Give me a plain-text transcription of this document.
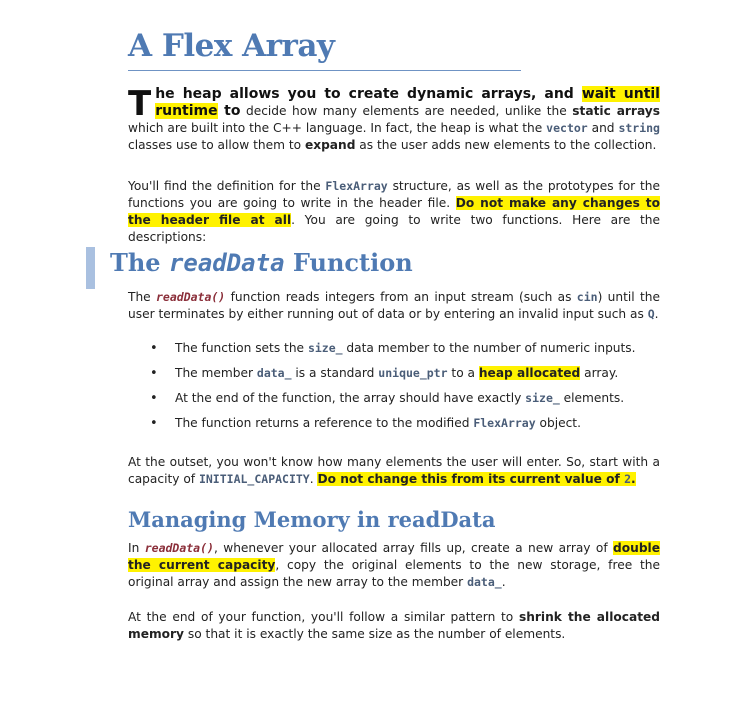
A Flex Array

T he heap allows you to create dynamic arrays, and wait until runtime to decide how many elements are needed, unlike the static arrays which are built into the C++ language. In fact, the heap is what the vector and string classes use to allow them to expand as the user adds new elements to the collection.

You'll find the definition for the FlexArray structure, as well as the prototypes for the functions you are going to write in the header file. Do not make any changes to the header file at all. You are going to write two functions. Here are the descriptions:

The readData Function

The readData() function reads integers from an input stream (such as cin) until the user terminates by either running out of data or by entering an invalid input such as Q.

• The function sets the size_ data member to the number of numeric inputs.
• The member data_ is a standard unique_ptr to a heap allocated array.
• At the end of the function, the array should have exactly size_ elements.
• The function returns a reference to the modified FlexArray object.

At the outset, you won't know how many elements the user will enter. So, start with a capacity of INITIAL_CAPACITY. Do not change this from its current value of 2.

Managing Memory in readData

In readData(), whenever your allocated array fills up, create a new array of double the current capacity, copy the original elements to the new storage, free the original array and assign the new array to the member data_.

At the end of your function, you'll follow a similar pattern to shrink the allocated memory so that it is exactly the same size as the number of elements.
